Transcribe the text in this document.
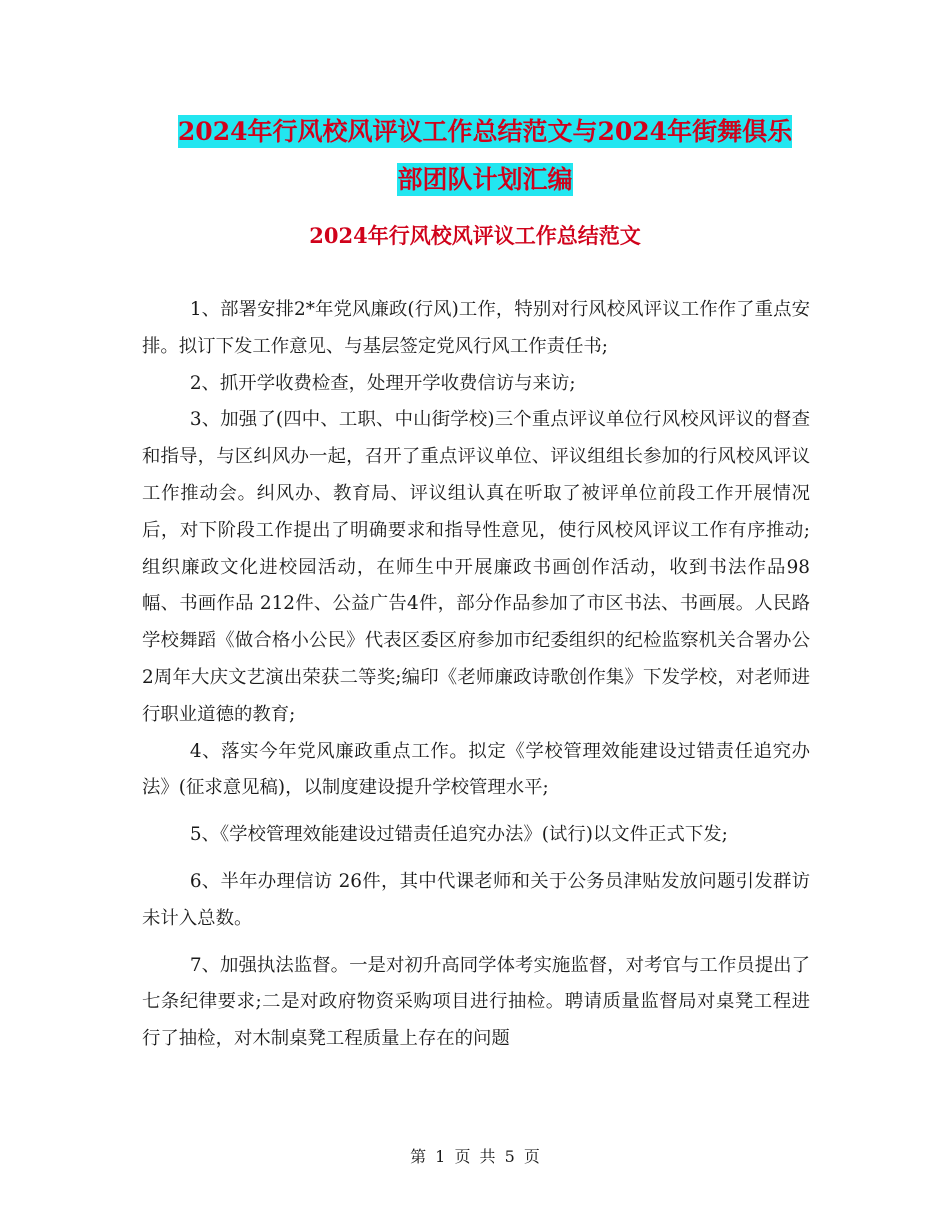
2024年行风校风评议工作总结范文与2024年街舞俱乐
部团队计划汇编
2024年行风校风评议工作总结范文

1、部署安排2*年党风廉政(行风)工作，特别对行风校风评议工作作了重点安排。拟订下发工作意见、与基层签定党风行风工作责任书;

2、抓开学收费检查，处理开学收费信访与来访;

3、加强了(四中、工职、中山街学校)三个重点评议单位行风校风评议的督查和指导，与区纠风办一起，召开了重点评议单位、评议组组长参加的行风校风评议工作推动会。纠风办、教育局、评议组认真在听取了被评单位前段工作开展情况后，对下阶段工作提出了明确要求和指导性意见，使行风校风评议工作有序推动;组织廉政文化进校园活动，在师生中开展廉政书画创作活动，收到书法作品98 幅、书画作品 212件、公益广告4件，部分作品参加了市区书法、书画展。人民路学校舞蹈《做合格小公民》代表区委区府参加市纪委组织的纪检监察机关合署办公2周年大庆文艺演出荣获二等奖;编印《老师廉政诗歌创作集》下发学校，对老师进行职业道德的教育;

4、落实今年党风廉政重点工作。拟定《学校管理效能建设过错责任追究办法》(征求意见稿)，以制度建设提升学校管理水平;

5、《学校管理效能建设过错责任追究办法》(试行)以文件正式下发;

6、半年办理信访 26件，其中代课老师和关于公务员津贴发放问题引发群访未计入总数。

7、加强执法监督。一是对初升高同学体考实施监督，对考官与工作员提出了七条纪律要求;二是对政府物资采购项目进行抽检。聘请质量监督局对桌凳工程进行了抽检，对木制桌凳工程质量上存在的问题

第 1 页 共 5 页
